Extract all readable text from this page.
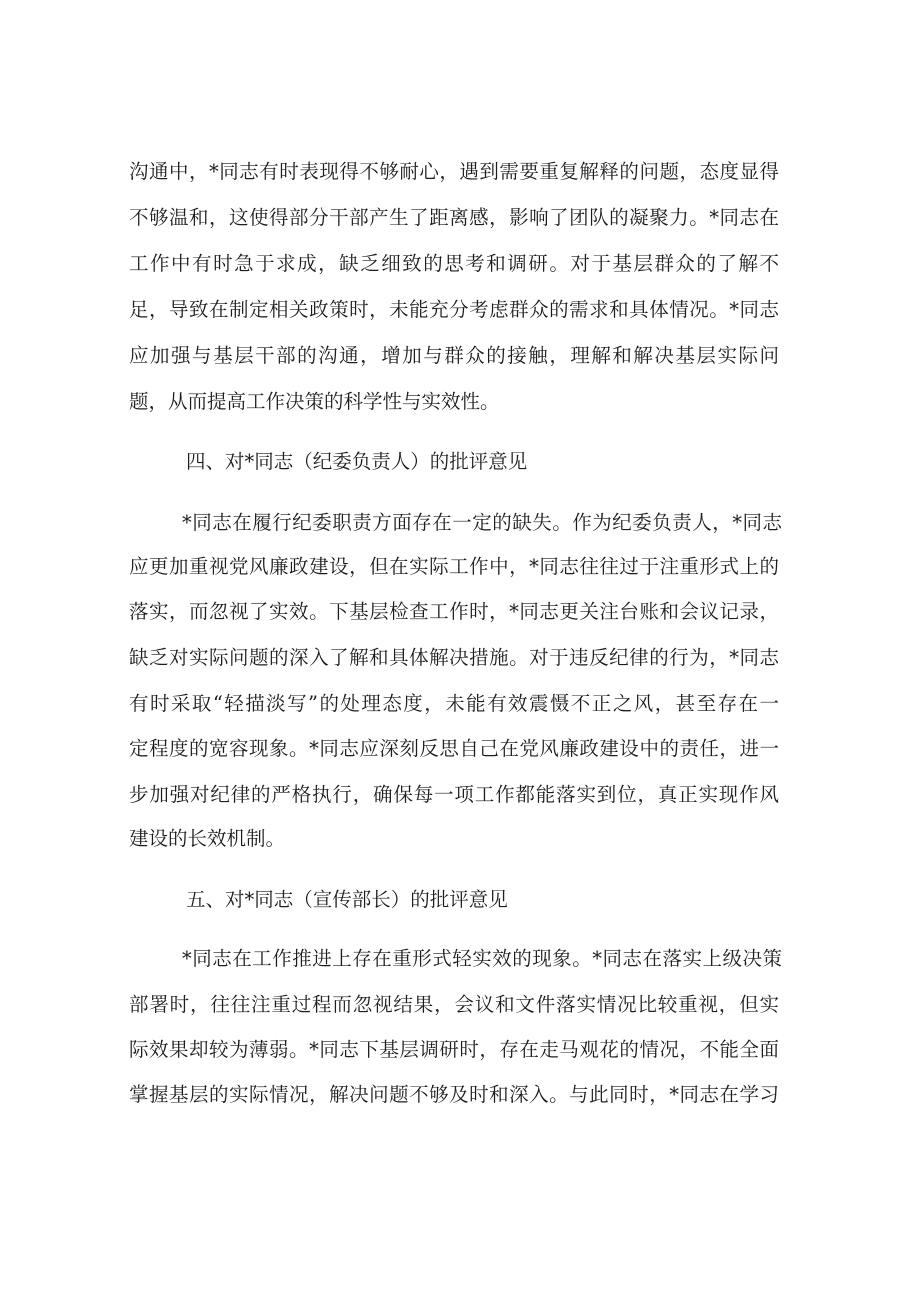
沟通中，*同志有时表现得不够耐心，遇到需要重复解释的问题，态度显得

不够温和，这使得部分干部产生了距离感，影响了团队的凝聚力。*同志在

工作中有时急于求成，缺乏细致的思考和调研。对于基层群众的了解不

足，导致在制定相关政策时，未能充分考虑群众的需求和具体情况。*同志

应加强与基层干部的沟通，增加与群众的接触，理解和解决基层实际问

题，从而提高工作决策的科学性与实效性。

四、对*同志（纪委负责人）的批评意见

*同志在履行纪委职责方面存在一定的缺失。作为纪委负责人，*同志

应更加重视党风廉政建设，但在实际工作中，*同志往往过于注重形式上的

落实，而忽视了实效。下基层检查工作时，*同志更关注台账和会议记录，

缺乏对实际问题的深入了解和具体解决措施。对于违反纪律的行为，*同志

有时采取“轻描淡写”的处理态度，未能有效震慑不正之风，甚至存在一

定程度的宽容现象。*同志应深刻反思自己在党风廉政建设中的责任，进一

步加强对纪律的严格执行，确保每一项工作都能落实到位，真正实现作风

建设的长效机制。

五、对*同志（宣传部长）的批评意见

*同志在工作推进上存在重形式轻实效的现象。*同志在落实上级决策

部署时，往往注重过程而忽视结果，会议和文件落实情况比较重视，但实

际效果却较为薄弱。*同志下基层调研时，存在走马观花的情况，不能全面

掌握基层的实际情况，解决问题不够及时和深入。与此同时，*同志在学习
